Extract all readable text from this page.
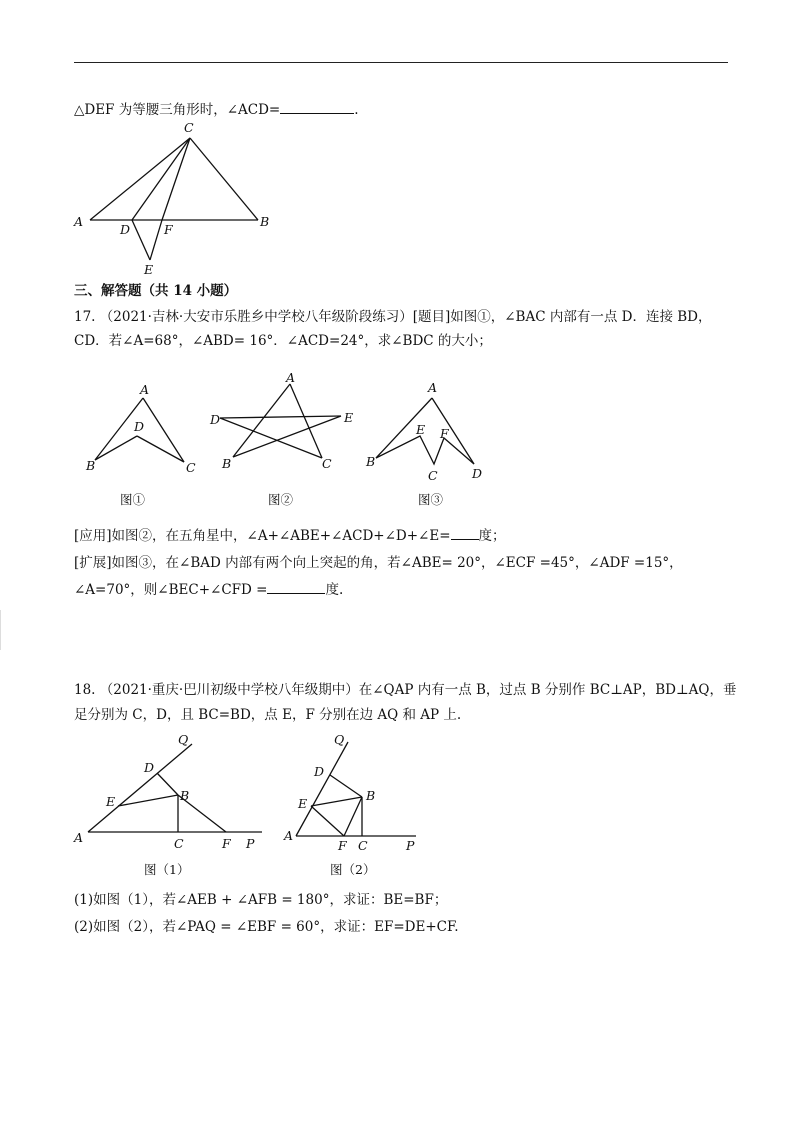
△DEF 为等腰三角形时，∠ACD=	.
C
A
D	F
B
E
三、解答题（共 14 小题）
17. （2021·吉林·大安市乐胜乡中学校八年级阶段练习）[题目]如图①，∠BAC 内部有一点 D．连接 BD，
CD．若∠A=68°，∠ABD= 16°．∠ACD=24°，求∠BDC 的大小；
A
D
B	C
图①
A
D	E
B	C
图②
A
E F
B
C	D
图③
[应用]如图②，在五角星中，∠A+∠ABE+∠ACD+∠D+∠E= 度；
[扩展]如图③，在∠BAD 内部有两个向上突起的角，若∠ABE= 20°，∠ECF =45°，∠ADF =15°，
∠A=70°，则∠BEC+∠CFD =	度.
18. （2021·重庆·巴川初级中学校八年级期中）在∠QAP 内有一点 B，过点 B 分别作 BC⊥AP，BD⊥AQ，垂
足分别为 C，D，且 BC=BD，点 E，F 分别在边 AQ 和 AP 上.
Q
D
E	B
A	C	F P
图（1）
Q
D
E
B
A
F C	P
图（2）
(1)如图（1），若∠AEB + ∠AFB = 180°，求证：BE=BF；
(2)如图（2），若∠PAQ = ∠EBF = 60°，求证：EF=DE+CF.
